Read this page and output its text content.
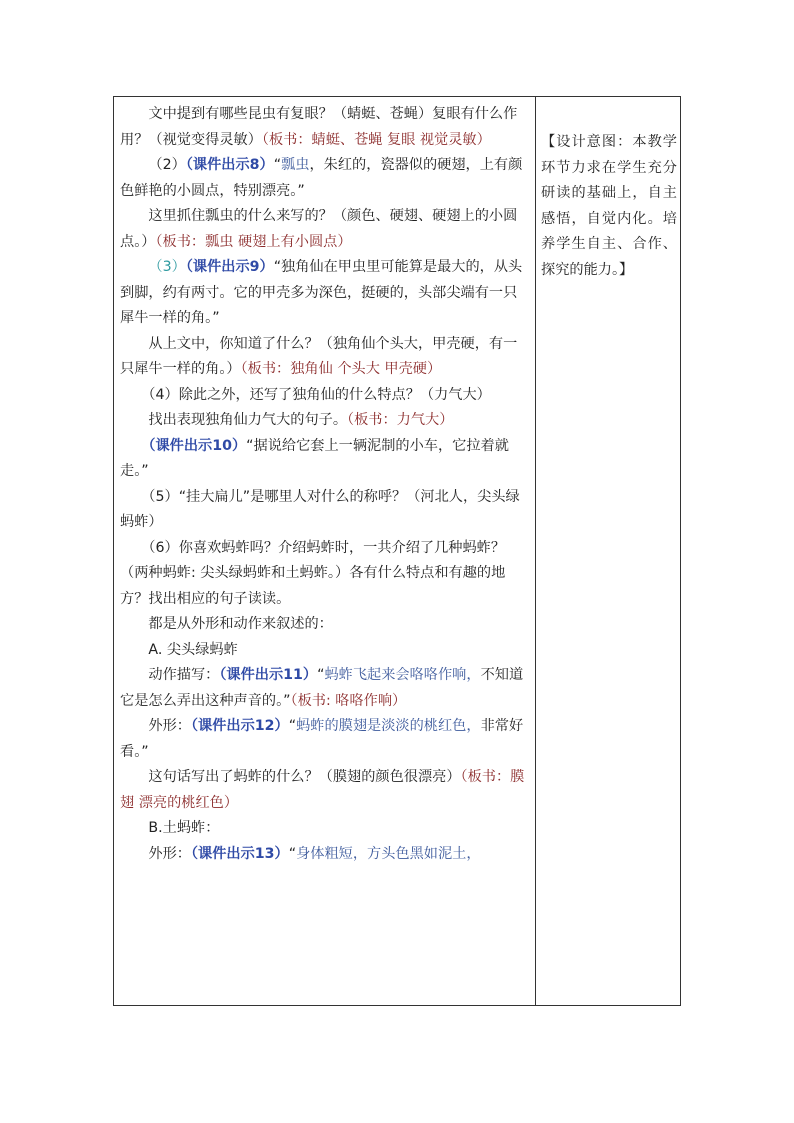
文中提到有哪些昆虫有复眼？（蜻蜓、苍蝇）复眼有什么作用？（视觉变得灵敏）（板书：蜻蜓、苍蝇 复眼 视觉灵敏）

（2）（课件出示8）“瓢虫，朱红的，瓷器似的硬翅，上有颜色鲜艳的小圆点，特别漂亮。”

这里抓住瓢虫的什么来写的？（颜色、硬翅、硬翅上的小圆点。）（板书：瓢虫 硬翅上有小圆点）

（3）（课件出示9）“独角仙在甲虫里可能算是最大的，从头到脚，约有两寸。它的甲壳多为深色，挺硬的，头部尖端有一只犀牛一样的角。”

从上文中，你知道了什么？（独角仙个头大，甲壳硬，有一只犀牛一样的角。）（板书：独角仙 个头大 甲壳硬）

（4）除此之外，还写了独角仙的什么特点？（力气大）

找出表现独角仙力气大的句子。（板书：力气大）

（课件出示10）“据说给它套上一辆泥制的小车，它拉着就走。”

（5）“挂大扁儿”是哪里人对什么的称呼？（河北人，尖头绿蚂蚱）

（6）你喜欢蚂蚱吗？介绍蚂蚱时，一共介绍了几种蚂蚱？（两种蚂蚱: 尖头绿蚂蚱和土蚂蚱。）各有什么特点和有趣的地方？找出相应的句子读读。

都是从外形和动作来叙述的：

A. 尖头绿蚂蚱

动作描写：（课件出示11）“蚂蚱飞起来会咯咯作响，不知道它是怎么弄出这种声音的。”（板书: 咯咯作响）

外形：（课件出示12）“蚂蚱的膜翅是淡淡的桃红色，非常好看。”

这句话写出了蚂蚱的什么？（膜翅的颜色很漂亮）（板书：膜翅 漂亮的桃红色）

B.土蚂蚱：

外形：（课件出示13）“身体粗短，方头色黑如泥土，

【设计意图：本教学环节力求在学生充分研读的基础上，自主感悟，自觉内化。培养学生自主、合作、探究的能力。】
